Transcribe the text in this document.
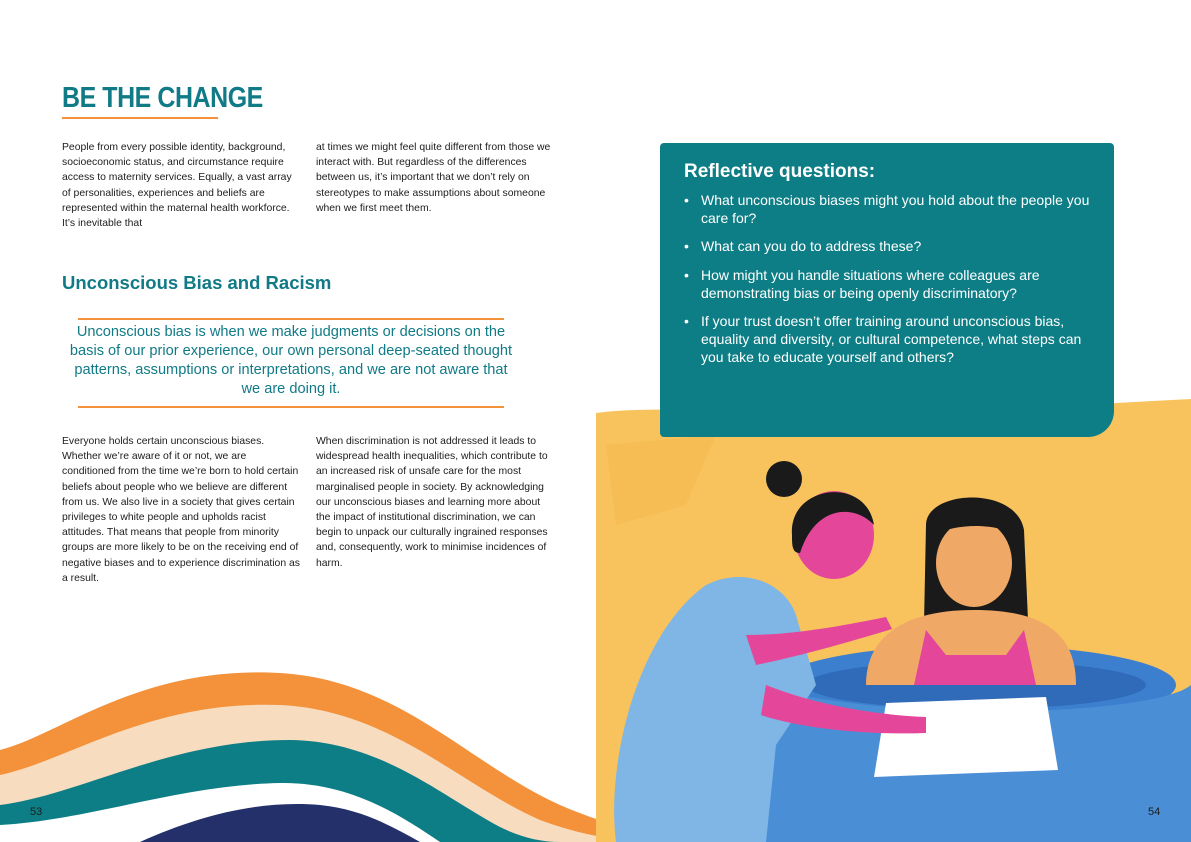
BE THE CHANGE

People from every possible identity, background, socioeconomic status, and circumstance require access to maternity services. Equally, a vast array of personalities, experiences and beliefs are represented within the maternal health workforce. It’s inevitable that

at times we might feel quite different from those we interact with. But regardless of the differences between us, it’s important that we don’t rely on stereotypes to make assumptions about someone when we first meet them.

Unconscious Bias and Racism

Unconscious bias is when we make judgments or decisions on the basis of our prior experience, our own personal deep-seated thought patterns, assumptions or interpretations, and we are not aware that we are doing it.

Everyone holds certain unconscious biases. Whether we’re aware of it or not, we are conditioned from the time we’re born to hold certain beliefs about people who we believe are different from us. We also live in a society that gives certain privileges to white people and upholds racist attitudes. That means that people from minority groups are more likely to be on the receiving end of negative biases and to experience discrimination as a result.

When discrimination is not addressed it leads to widespread health inequalities, which contribute to an increased risk of unsafe care for the most marginalised people in society. By acknowledging our unconscious biases and learning more about the impact of institutional discrimination, we can begin to unpack our culturally ingrained responses and, consequently, work to minimise incidences of harm.

Reflective questions:
• What unconscious biases might you hold about the people you care for?
• What can you do to address these?
• How might you handle situations where colleagues are demonstrating bias or being openly discriminatory?
• If your trust doesn’t offer training around unconscious bias, equality and diversity, or cultural competence, what steps can you take to educate yourself and others?
53	54
